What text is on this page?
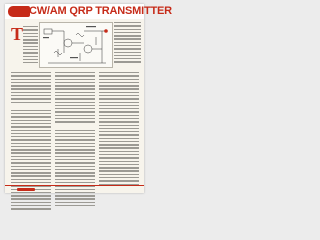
CW/AM QRP TRANSMITTER
T
